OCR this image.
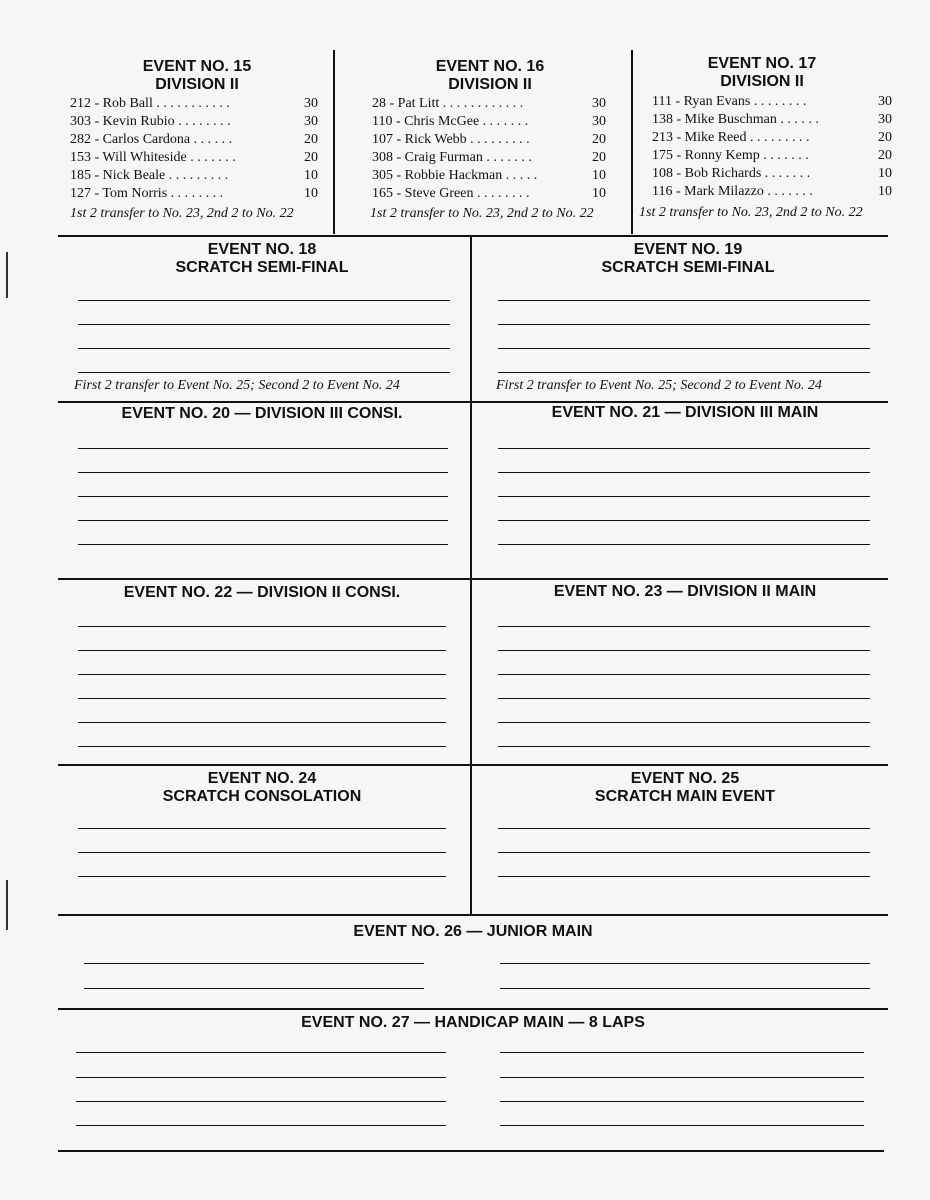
EVENT NO. 15
DIVISION II
212 - Rob Ball . . . . . . . . . . .	30
303 - Kevin Rubio . . . . . . . .	30
282 - Carlos Cardona . . . . . .	20
153 - Will Whiteside . . . . . . .	20
185 - Nick Beale . . . . . . . . .	10
127 - Tom Norris . . . . . . . .	10
1st 2 transfer to No. 23, 2nd 2 to No. 22
EVENT NO. 16
DIVISION II
28 - Pat Litt . . . . . . . . . . . .	30
110 - Chris McGee . . . . . . .	30
107 - Rick Webb . . . . . . . . .	20
308 - Craig Furman . . . . . . .	20
305 - Robbie Hackman . . . . .	10
165 - Steve Green . . . . . . . .	10
1st 2 transfer to No. 23, 2nd 2 to No. 22
EVENT NO. 17
DIVISION II
111 - Ryan Evans . . . . . . . .	30
138 - Mike Buschman . . . . . .	30
213 - Mike Reed . . . . . . . . .	20
175 - Ronny Kemp . . . . . . .	20
108 - Bob Richards . . . . . . .	10
116 - Mark Milazzo . . . . . . .	10
1st 2 transfer to No. 23, 2nd 2 to No. 22
EVENT NO. 18
SCRATCH SEMI-FINAL
First 2 transfer to Event No. 25; Second 2 to Event No. 24
EVENT NO. 19
SCRATCH SEMI-FINAL
First 2 transfer to Event No. 25; Second 2 to Event No. 24
EVENT NO. 20 — DIVISION III CONSI.	EVENT NO. 21 — DIVISION III MAIN
EVENT NO. 22 — DIVISION II CONSI.	EVENT NO. 23 — DIVISION II MAIN
EVENT NO. 24
SCRATCH CONSOLATION
EVENT NO. 25
SCRATCH MAIN EVENT
EVENT NO. 26 — JUNIOR MAIN
EVENT NO. 27 — HANDICAP MAIN — 8 LAPS
